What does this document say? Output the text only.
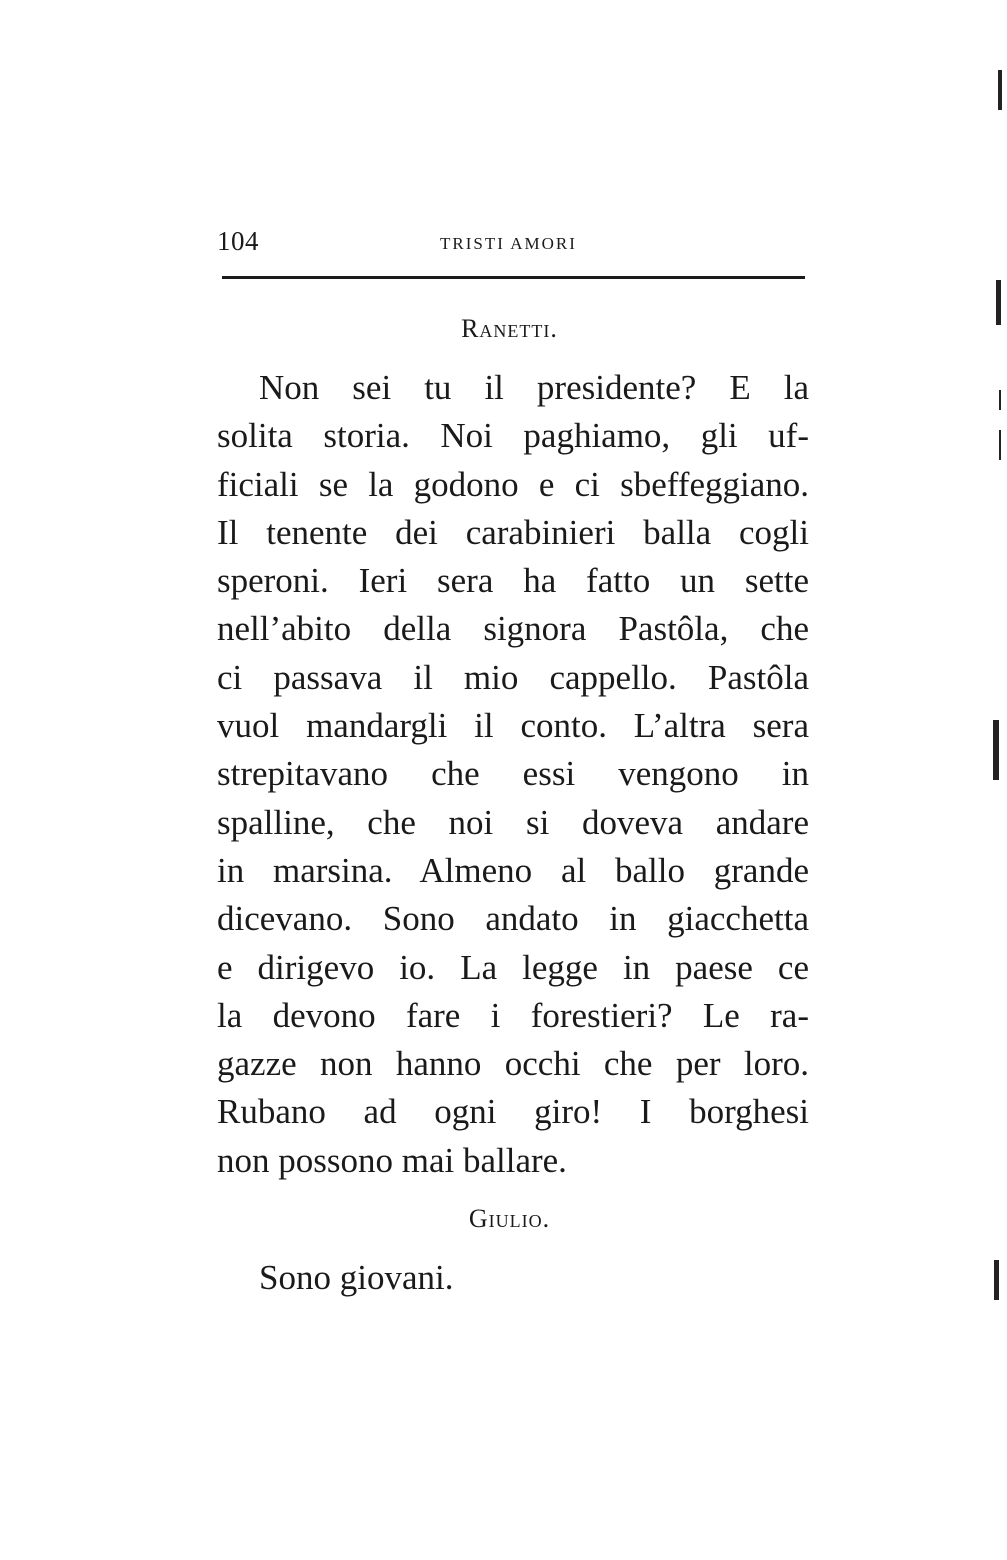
104	TRISTI AMORI
Ranetti.
Non sei tu il presidente? E la
solita storia. Noi paghiamo, gli uf-
ficiali se la godono e ci sbeffeggiano.
Il tenente dei carabinieri balla cogli
speroni. Ieri sera ha fatto un sette
nell’abito della signora Pastôla, che
ci passava il mio cappello. Pastôla
vuol mandargli il conto. L’altra sera
strepitavano che essi vengono in
spalline, che noi si doveva andare
in marsina. Almeno al ballo grande
dicevano. Sono andato in giacchetta
e dirigevo io. La legge in paese ce
la devono fare i forestieri? Le ra-
gazze non hanno occhi che per loro.
Rubano ad ogni giro! I borghesi
non possono mai ballare.
Giulio.
Sono giovani.
